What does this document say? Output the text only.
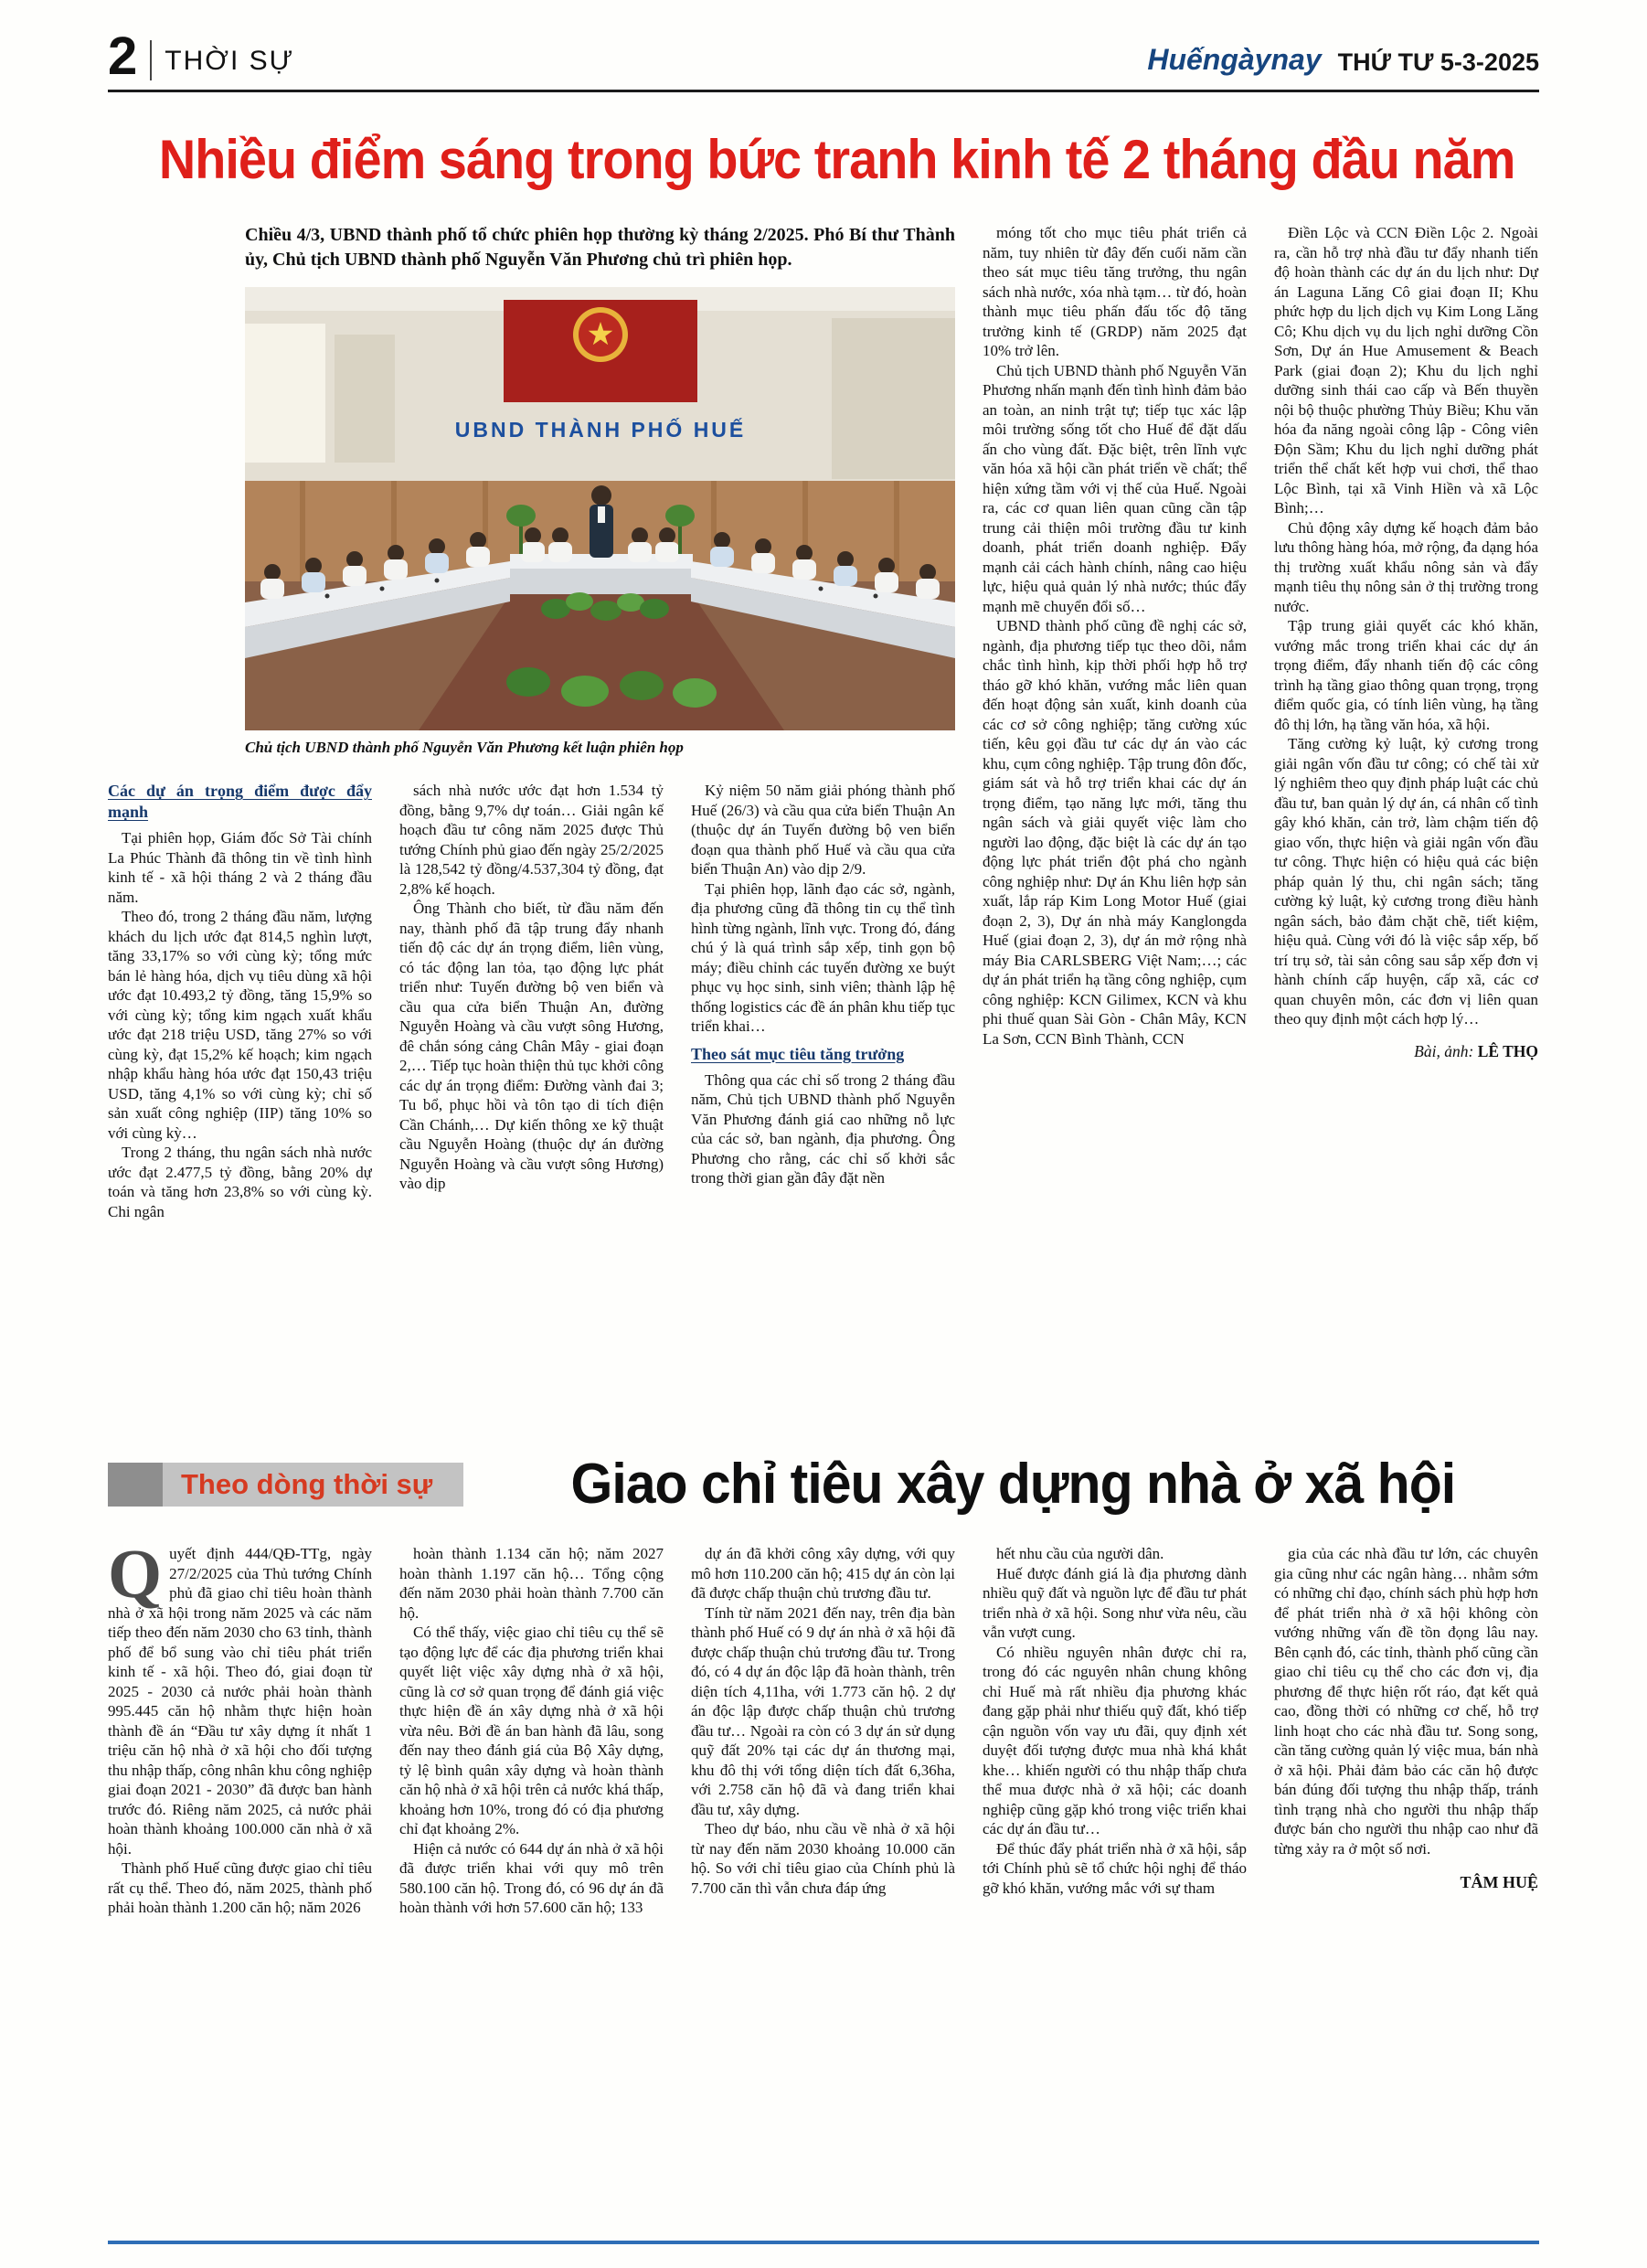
2 THỜI SỰ	Huếngàynay THỨ TƯ 5-3-2025
Nhiều điểm sáng trong bức tranh kinh tế 2 tháng đầu năm

Chiều 4/3, UBND thành phố tổ chức phiên họp thường kỳ tháng 2/2025. Phó Bí thư Thành ủy, Chủ tịch UBND thành phố Nguyễn Văn Phương chủ trì phiên họp.

UBND THÀNH PHỐ HUẾ

Chủ tịch UBND thành phố Nguyễn Văn Phương kết luận phiên họp

Các dự án trọng điểm được đẩy mạnh

Tại phiên họp, Giám đốc Sở Tài chính La Phúc Thành đã thông tin về tình hình kinh tế - xã hội tháng 2 và 2 tháng đầu năm.

Theo đó, trong 2 tháng đầu năm, lượng khách du lịch ước đạt 814,5 nghìn lượt, tăng 33,17% so với cùng kỳ; tổng mức bán lẻ hàng hóa, dịch vụ tiêu dùng xã hội ước đạt 10.493,2 tỷ đồng, tăng 15,9% so với cùng kỳ; tổng kim ngạch xuất khẩu ước đạt 218 triệu USD, tăng 27% so với cùng kỳ, đạt 15,2% kế hoạch; kim ngạch nhập khẩu hàng hóa ước đạt 150,43 triệu USD, tăng 4,1% so với cùng kỳ; chỉ số sản xuất công nghiệp (IIP) tăng 10% so với cùng kỳ…

Trong 2 tháng, thu ngân sách nhà nước ước đạt 2.477,5 tỷ đồng, bằng 20% dự toán và tăng hơn 23,8% so với cùng kỳ. Chi ngân

sách nhà nước ước đạt hơn 1.534 tỷ đồng, bằng 9,7% dự toán… Giải ngân kế hoạch đầu tư công năm 2025 được Thủ tướng Chính phủ giao đến ngày 25/2/2025 là 128,542 tỷ đồng/4.537,304 tỷ đồng, đạt 2,8% kế hoạch.

Ông Thành cho biết, từ đầu năm đến nay, thành phố đã tập trung đẩy nhanh tiến độ các dự án trọng điểm, liên vùng, có tác động lan tỏa, tạo động lực phát triển như: Tuyến đường bộ ven biển và cầu qua cửa biển Thuận An, đường Nguyễn Hoàng và cầu vượt sông Hương, đê chắn sóng cảng Chân Mây - giai đoạn 2,… Tiếp tục hoàn thiện thủ tục khởi công các dự án trọng điểm: Đường vành đai 3; Tu bổ, phục hồi và tôn tạo di tích điện Cần Chánh,… Dự kiến thông xe kỹ thuật cầu Nguyễn Hoàng (thuộc dự án đường Nguyễn Hoàng và cầu vượt sông Hương) vào dịp

Kỷ niệm 50 năm giải phóng thành phố Huế (26/3) và cầu qua cửa biển Thuận An (thuộc dự án Tuyến đường bộ ven biển đoạn qua thành phố Huế và cầu qua cửa biển Thuận An) vào dịp 2/9.

Tại phiên họp, lãnh đạo các sở, ngành, địa phương cũng đã thông tin cụ thể tình hình từng ngành, lĩnh vực. Trong đó, đáng chú ý là quá trình sắp xếp, tinh gọn bộ máy; điều chỉnh các tuyến đường xe buýt phục vụ học sinh, sinh viên; thành lập hệ thống logistics các đề án phân khu tiếp tục triển khai…

Theo sát mục tiêu tăng trưởng

Thông qua các chỉ số trong 2 tháng đầu năm, Chủ tịch UBND thành phố Nguyễn Văn Phương đánh giá cao những nỗ lực của các sở, ban ngành, địa phương. Ông Phương cho rằng, các chỉ số khởi sắc trong thời gian gần đây đặt nền

móng tốt cho mục tiêu phát triển cả năm, tuy nhiên từ đây đến cuối năm cần theo sát mục tiêu tăng trưởng, thu ngân sách nhà nước, xóa nhà tạm… từ đó, hoàn thành mục tiêu phấn đấu tốc độ tăng trưởng kinh tế (GRDP) năm 2025 đạt 10% trở lên.

Chủ tịch UBND thành phố Nguyễn Văn Phương nhấn mạnh đến tình hình đảm bảo an toàn, an ninh trật tự; tiếp tục xác lập môi trường sống tốt cho Huế để đặt dấu ấn cho vùng đất. Đặc biệt, trên lĩnh vực văn hóa xã hội cần phát triển về chất; thể hiện xứng tầm với vị thế của Huế. Ngoài ra, các cơ quan liên quan cũng cần tập trung cải thiện môi trường đầu tư kinh doanh, phát triển doanh nghiệp. Đẩy mạnh cải cách hành chính, nâng cao hiệu lực, hiệu quả quản lý nhà nước; thúc đẩy mạnh mẽ chuyển đổi số…

UBND thành phố cũng đề nghị các sở, ngành, địa phương tiếp tục theo dõi, nắm chắc tình hình, kịp thời phối hợp hỗ trợ tháo gỡ khó khăn, vướng mắc liên quan đến hoạt động sản xuất, kinh doanh của các cơ sở công nghiệp; tăng cường xúc tiến, kêu gọi đầu tư các dự án vào các khu, cụm công nghiệp. Tập trung đôn đốc, giám sát và hỗ trợ triển khai các dự án trọng điểm, tạo năng lực mới, tăng thu ngân sách và giải quyết việc làm cho người lao động, đặc biệt là các dự án tạo động lực phát triển đột phá cho ngành công nghiệp như: Dự án Khu liên hợp sản xuất, lắp ráp Kim Long Motor Huế (giai đoạn 2, 3), Dự án nhà máy Kanglongda Huế (giai đoạn 2, 3), dự án mở rộng nhà máy Bia CARLSBERG Việt Nam;…; các dự án phát triển hạ tầng công nghiệp, cụm công nghiệp: KCN Gilimex, KCN và khu phi thuế quan Sài Gòn - Chân Mây, KCN La Sơn, CCN Bình Thành, CCN

Điền Lộc và CCN Điền Lộc 2. Ngoài ra, cần hỗ trợ nhà đầu tư đẩy nhanh tiến độ hoàn thành các dự án du lịch như: Dự án Laguna Lăng Cô giai đoạn II; Khu phức hợp du lịch dịch vụ Kim Long Lăng Cô; Khu dịch vụ du lịch nghỉ dưỡng Cồn Sơn, Dự án Hue Amusement & Beach Park (giai đoạn 2); Khu du lịch nghỉ dưỡng sinh thái cao cấp và Bến thuyền nội bộ thuộc phường Thủy Biều; Khu văn hóa đa năng ngoài công lập - Công viên Độn Sầm; Khu du lịch nghỉ dưỡng phát triển thể chất kết hợp vui chơi, thể thao Lộc Bình, tại xã Vinh Hiền và xã Lộc Bình;…

Chủ động xây dựng kế hoạch đảm bảo lưu thông hàng hóa, mở rộng, đa dạng hóa thị trường xuất khẩu nông sản và đẩy mạnh tiêu thụ nông sản ở thị trường trong nước.

Tập trung giải quyết các khó khăn, vướng mắc trong triển khai các dự án trọng điểm, đẩy nhanh tiến độ các công trình hạ tầng giao thông quan trọng, trọng điểm quốc gia, có tính liên vùng, hạ tầng đô thị lớn, hạ tầng văn hóa, xã hội.

Tăng cường kỷ luật, kỷ cương trong giải ngân vốn đầu tư công; có chế tài xử lý nghiêm theo quy định pháp luật các chủ đầu tư, ban quản lý dự án, cá nhân cố tình gây khó khăn, cản trở, làm chậm tiến độ giao vốn, thực hiện và giải ngân vốn đầu tư công. Thực hiện có hiệu quả các biện pháp quản lý thu, chi ngân sách; tăng cường kỷ luật, kỷ cương trong điều hành ngân sách, bảo đảm chặt chẽ, tiết kiệm, hiệu quả. Cùng với đó là việc sắp xếp, bố trí trụ sở, tài sản công sau sắp xếp đơn vị hành chính cấp huyện, cấp xã, các cơ quan chuyên môn, các đơn vị liên quan theo quy định một cách hợp lý…

Bài, ảnh: LÊ THỌ
Theo dòng thời sự	Giao chỉ tiêu xây dựng nhà ở xã hội
Quyết định 444/QĐ-TTg, ngày 27/2/2025 của Thủ tướng Chính phủ đã giao chỉ tiêu hoàn thành nhà ở xã hội trong năm 2025 và các năm tiếp theo đến năm 2030 cho 63 tỉnh, thành phố để bổ sung vào chỉ tiêu phát triển kinh tế - xã hội. Theo đó, giai đoạn từ 2025 - 2030 cả nước phải hoàn thành 995.445 căn hộ nhằm thực hiện hoàn thành đề án “Đầu tư xây dựng ít nhất 1 triệu căn hộ nhà ở xã hội cho đối tượng thu nhập thấp, công nhân khu công nghiệp giai đoạn 2021 - 2030” đã được ban hành trước đó. Riêng năm 2025, cả nước phải hoàn thành khoảng 100.000 căn nhà ở xã hội.

Thành phố Huế cũng được giao chỉ tiêu rất cụ thể. Theo đó, năm 2025, thành phố phải hoàn thành 1.200 căn hộ; năm 2026

hoàn thành 1.134 căn hộ; năm 2027 hoàn thành 1.197 căn hộ… Tổng cộng đến năm 2030 phải hoàn thành 7.700 căn hộ.

Có thể thấy, việc giao chỉ tiêu cụ thể sẽ tạo động lực để các địa phương triển khai quyết liệt việc xây dựng nhà ở xã hội, cũng là cơ sở quan trọng để đánh giá việc thực hiện đề án xây dựng nhà ở xã hội vừa nêu. Bởi đề án ban hành đã lâu, song đến nay theo đánh giá của Bộ Xây dựng, tỷ lệ bình quân xây dựng và hoàn thành căn hộ nhà ở xã hội trên cả nước khá thấp, khoảng hơn 10%, trong đó có địa phương chỉ đạt khoảng 2%.

Hiện cả nước có 644 dự án nhà ở xã hội đã được triển khai với quy mô trên 580.100 căn hộ. Trong đó, có 96 dự án đã hoàn thành với hơn 57.600 căn hộ; 133

dự án đã khởi công xây dựng, với quy mô hơn 110.200 căn hộ; 415 dự án còn lại đã được chấp thuận chủ trương đầu tư.

Tính từ năm 2021 đến nay, trên địa bàn thành phố Huế có 9 dự án nhà ở xã hội đã được chấp thuận chủ trương đầu tư. Trong đó, có 4 dự án độc lập đã hoàn thành, trên diện tích 4,11ha, với 1.773 căn hộ. 2 dự án độc lập được chấp thuận chủ trương đầu tư… Ngoài ra còn có 3 dự án sử dụng quỹ đất 20% tại các dự án thương mại, khu đô thị với tổng diện tích đất 6,36ha, với 2.758 căn hộ đã và đang triển khai đầu tư, xây dựng.

Theo dự báo, nhu cầu về nhà ở xã hội từ nay đến năm 2030 khoảng 10.000 căn hộ. So với chỉ tiêu giao của Chính phủ là 7.700 căn thì vẫn chưa đáp ứng

hết nhu cầu của người dân.

Huế được đánh giá là địa phương dành nhiều quỹ đất và nguồn lực để đầu tư phát triển nhà ở xã hội. Song như vừa nêu, cầu vẫn vượt cung.

Có nhiều nguyên nhân được chỉ ra, trong đó các nguyên nhân chung không chỉ Huế mà rất nhiều địa phương khác đang gặp phải như thiếu quỹ đất, khó tiếp cận nguồn vốn vay ưu đãi, quy định xét duyệt đối tượng được mua nhà khá khắt khe… khiến người có thu nhập thấp chưa thể mua được nhà ở xã hội; các doanh nghiệp cũng gặp khó trong việc triển khai các dự án đầu tư…

Để thúc đẩy phát triển nhà ở xã hội, sắp tới Chính phủ sẽ tổ chức hội nghị để tháo gỡ khó khăn, vướng mắc với sự tham

gia của các nhà đầu tư lớn, các chuyên gia cũng như các ngân hàng… nhằm sớm có những chỉ đạo, chính sách phù hợp hơn để phát triển nhà ở xã hội không còn vướng những vấn đề tồn đọng lâu nay. Bên cạnh đó, các tỉnh, thành phố cũng cần giao chỉ tiêu cụ thể cho các đơn vị, địa phương để thực hiện rốt ráo, đạt kết quả cao, đồng thời có những cơ chế, hỗ trợ linh hoạt cho các nhà đầu tư. Song song, cần tăng cường quản lý việc mua, bán nhà ở xã hội. Phải đảm bảo các căn hộ được bán đúng đối tượng thu nhập thấp, tránh tình trạng nhà cho người thu nhập thấp được bán cho người thu nhập cao như đã từng xảy ra ở một số nơi.

TÂM HUỆ
